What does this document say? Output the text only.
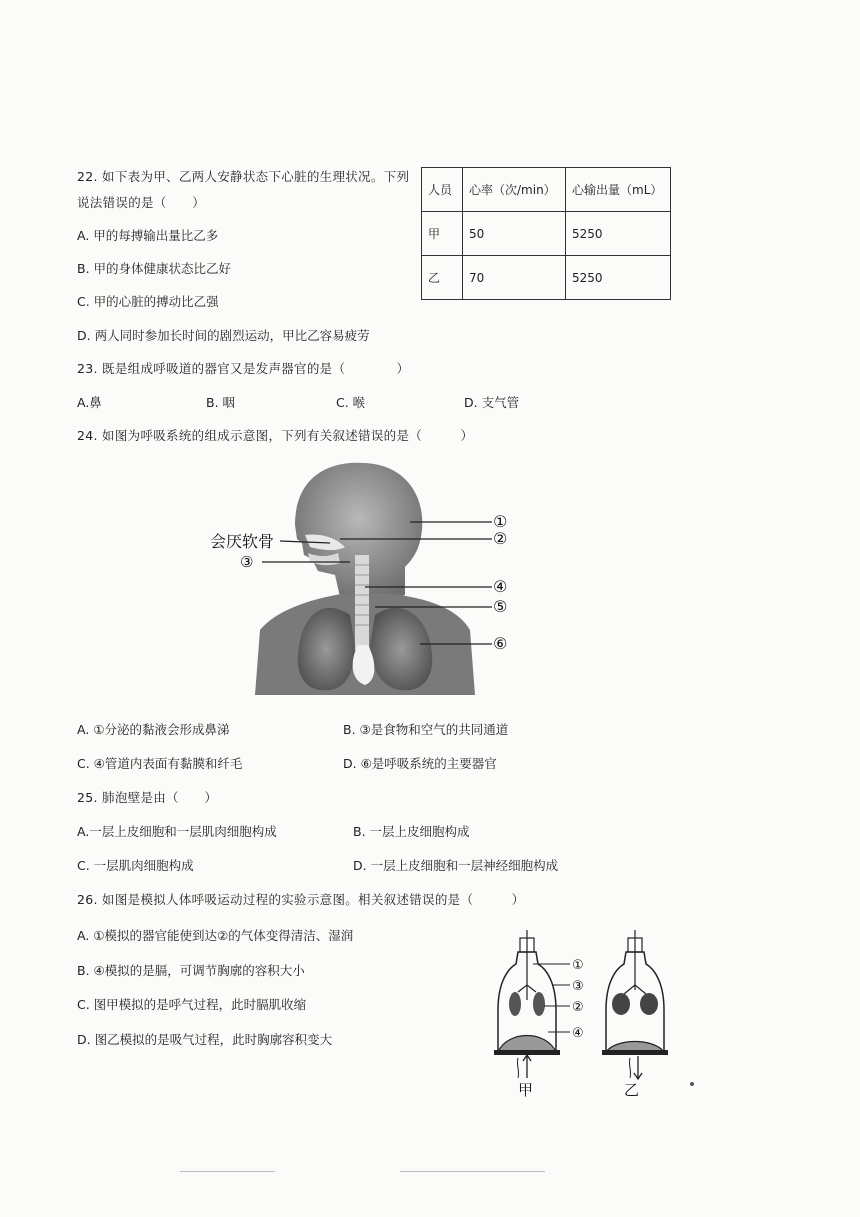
22. 如下表为甲、乙两人安静状态下心脏的生理状况。下列
说法错误的是（　　）
A. 甲的每搏输出量比乙多
B. 甲的身体健康状态比乙好
C. 甲的心脏的搏动比乙强
D. 两人同时参加长时间的剧烈运动，甲比乙容易疲劳
人员	心率（次/min）	心输出量（mL）
甲	50	5250
乙	70	5250
23. 既是组成呼吸道的器官又是发声器官的是（　　　　）
A.鼻	B. 咽	C. 喉	D. 支气管
24. 如图为呼吸系统的组成示意图，下列有关叙述错误的是（　　　）
会厌软骨
③
①
②
④
⑤
⑥
A. ①分泌的黏液会形成鼻涕	B. ③是食物和空气的共同通道
C. ④管道内表面有黏膜和纤毛	D. ⑥是呼吸系统的主要器官
25. 肺泡壁是由（　　）
A.一层上皮细胞和一层肌肉细胞构成	B. 一层上皮细胞构成
C. 一层肌肉细胞构成	D. 一层上皮细胞和一层神经细胞构成
26. 如图是模拟人体呼吸运动过程的实验示意图。相关叙述错误的是（　　　）
A. ①模拟的器官能使到达②的气体变得清洁、湿润
B. ④模拟的是膈，可调节胸廓的容积大小
C. 图甲模拟的是呼气过程，此时膈肌收缩
D. 图乙模拟的是吸气过程，此时胸廓容积变大
①
③
②
④
甲	乙
